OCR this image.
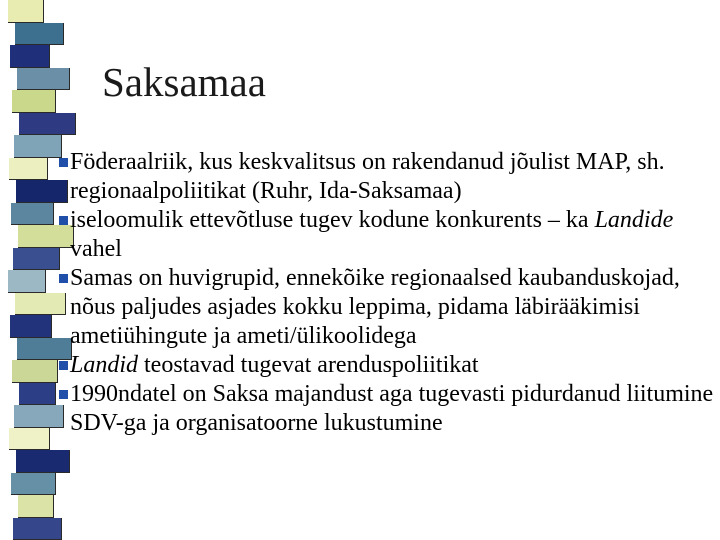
Saksamaa
Föderaalriik, kus keskvalitsus on rakendanud jõulist MAP, sh. regionaalpoliitikat (Ruhr, Ida-Saksamaa)
iseloomulik ettevõtluse tugev kodune konkurents – ka Landide vahel
Samas on huvigrupid, ennekõike regionaalsed kaubanduskojad, nõus paljudes asjades kokku leppima, pidama läbirääkimisi ametiühingute ja ameti/ülikoolidega
Landid teostavad tugevat arenduspoliitikat
1990ndatel on Saksa majandust aga tugevasti pidurdanud liitumine SDV-ga ja organisatoorne lukustumine
